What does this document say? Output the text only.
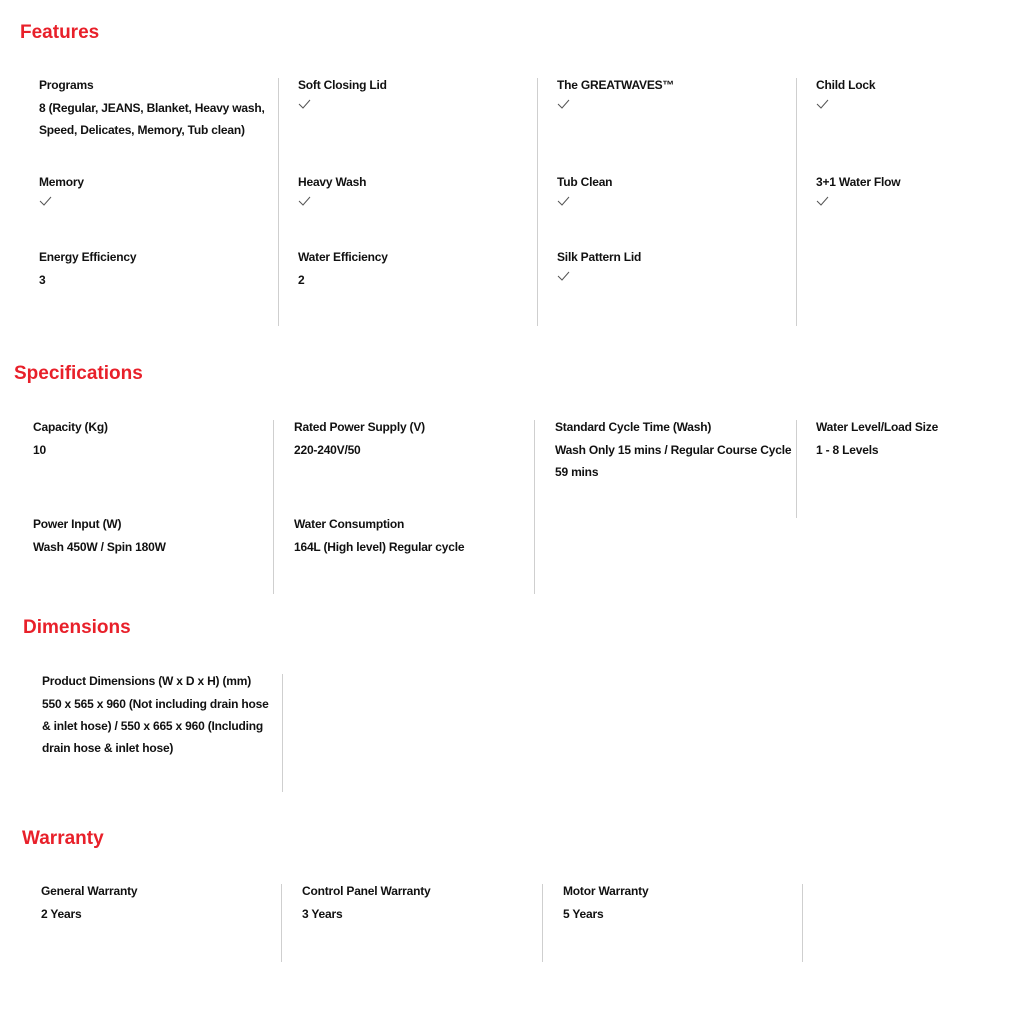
Features
Programs
8 (Regular, JEANS, Blanket, Heavy wash, Speed, Delicates, Memory, Tub clean)
Memory
Energy Efficiency
3
Soft Closing Lid
Heavy Wash
Water Efficiency
2
The GREATWAVES™
Tub Clean
Silk Pattern Lid
Child Lock
3+1 Water Flow
Specifications
Capacity (Kg)
10
Power Input (W)
Wash 450W / Spin 180W
Rated Power Supply (V)
220-240V/50
Water Consumption
164L (High level) Regular cycle
Standard Cycle Time (Wash)
Wash Only 15 mins / Regular Course Cycle 59 mins
Water Level/Load Size
1 - 8 Levels
Dimensions
Product Dimensions (W x D x H) (mm)
550 x 565 x 960 (Not including drain hose & inlet hose) / 550 x 665 x 960 (Including drain hose & inlet hose)
Warranty
General Warranty
2 Years
Control Panel Warranty
3 Years
Motor Warranty
5 Years
